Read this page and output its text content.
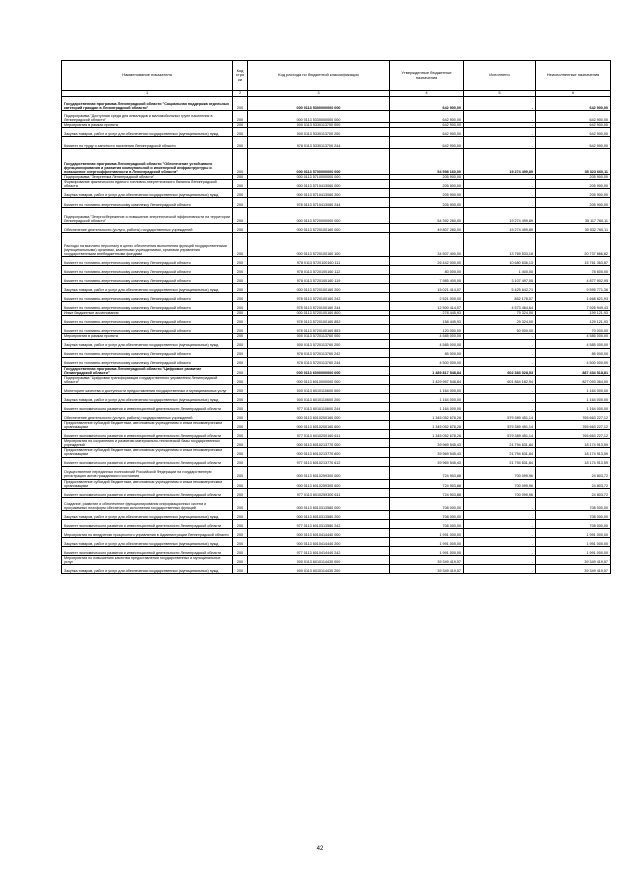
Наименование показателя	Код стро ки	Код расхода по бюджетной классификации	Утвержденные бюджетные назначения	Исполнено	Неисполненные назначения
1	2	3	4	5	6
Государственная программа Ленинградской области "Социальная поддержка отдельных категорий граждан в Ленинградской области"	200	000 0113 5300000000 000	642 900,00	-	642 900,00
Подпрограмма "Доступная среда для инвалидов и маломобильных групп населения в Ленинградской области"	200	000 0113 5330000000 000	642 900,00	-	642 900,00
Мероприятия в рамках проекта	200	000 0113 5330113700 000	642 900,00	-	642 900,00
Закупка товаров, работ и услуг для обеспечения государственных (муниципальных) нужд	200	000 0113 5330113700 200	642 900,00	-	642 900,00
Комитет по труду и занятости населения Ленинградской области	200	978 0113 5330113700 244	642 900,00	-	642 900,00
Государственная программа Ленинградской области "Обеспечение устойчивого функционирования и развития коммунальной и инженерной инфраструктуры и повышение энергоэффективности в Ленинградской области"	200	000 0113 5700000000 000	54 598 160,00	19 274 499,89	35 323 660,11
Подпрограмма "Энергетика Ленинградской области"	200	000 0113 5710000000 000	205 900,00	-	205 900,00
Формирование фактического единого топливно-энергетического баланса Ленинградской области	200	000 0113 5710413060 000	205 900,00	-	205 900,00
Закупка товаров, работ и услуг для обеспечения государственных (муниципальных) нужд	200	000 0113 5710413060 200	205 900,00	-	205 900,00
Комитет по топливно-энергетическому комплексу Ленинградской области	200	978 0113 5710413060 244	205 900,00	-	205 900,00
Подпрограмма "Энергосбережение и повышение энергетической эффективности на территории Ленинградской области"	200	000 0113 5720000000 000	54 392 260,00	19 274 499,89	35 117 760,11
Обеспечение деятельности (услуги, работы) государственных учреждений	200	000 0113 5720100160 000	49 807 260,00	19 274 499,89	30 532 760,11
Расходы на выплаты персоналу в целях обеспечения выполнения функций государственными (муниципальными) органами, казенными учреждениями, органами управления государственными внебюджетными фондами	200	000 0113 5720100160 100	34 507 400,00	13 769 533,18	20 737 866,82
Комитет по топливно-энергетическому комплексу Ленинградской области	200	978 0113 5720100160 111	26 442 000,00	10 680 636,13	15 761 363,87
Комитет по топливно-энергетическому комплексу Ленинградской области	200	978 0113 5720100160 112	80 000,00	1 400,00	78 600,00
Комитет по топливно-энергетическому комплексу Ленинградской области	200	978 0113 5720100160 119	7 985 400,00	3 107 497,05	4 877 902,95
Закупка товаров, работ и услуг для обеспечения государственных (муниципальных) нужд	200	000 0113 5720100160 200	15 021 414,07	5 425 642,71	9 595 771,36
Комитет по топливно-энергетическому комплексу Ленинградской области	200	978 0113 5720100160 242	2 521 000,00	852 178,07	1 668 821,93
Комитет по топливно-энергетическому комплексу Ленинградской области	200	978 0113 5720100160 244	12 500 414,07	4 573 464,64	7 926 949,43
Иные бюджетные ассигнования	200	000 0113 5720100160 800	278 445,93	79 324,00	199 121,93
Комитет по топливно-энергетическому комплексу Ленинградской области	200	978 0113 5720100160 852	158 445,93	29 324,00	129 121,93
Комитет по топливно-энергетическому комплексу Ленинградской области	200	978 0113 5720100160 853	120 000,00	50 000,00	70 000,00
Мероприятия в рамках проекта	200	000 0113 5720113760 000	4 585 000,00	-	4 585 000,00
Закупка товаров, работ и услуг для обеспечения государственных (муниципальных) нужд	200	000 0113 5720113760 200	4 585 000,00	-	4 585 000,00
Комитет по топливно-энергетическому комплексу Ленинградской области	200	978 0113 5720113760 242	85 000,00	-	85 000,00
Комитет по топливно-энергетическому комплексу Ленинградской области	200	978 0113 5720113760 244	4 500 000,00	-	4 500 000,00
Государственная программа Ленинградской области "Цифровое развитие Ленинградской области"	200	000 0113 6000000000 000	1 489 817 548,84	602 383 028,53	887 434 518,81
Подпрограмма "Цифровая трансформация государственного управления Ленинградской области"	200	000 0113 6010000000 000	1 429 957 548,84	601 864 182,94	827 093 364,00
Мониторинг качества и доступности предоставления государственных и муниципальных услуг	200	000 0113 6010110600 000	1 164 000,00	-	1 164 000,00
Закупка товаров, работ и услуг для обеспечения государственных (муниципальных) нужд	200	000 0113 6010110600 200	1 164 000,00	-	1 164 000,00
Комитет экономического развития и инвестиционной деятельности Ленинградской области	200	977 0113 6010110600 244	1 164 000,00	-	1 164 000,00
Обеспечение деятельности (услуги, работы) государственных учреждений	200	000 0113 6010200160 000	1 345 052 678,26	579 389 451,14	765 663 227,12
Предоставление субсидий бюджетным, автономным учреждениям и иным некоммерческим организациям	200	000 0113 6010200160 600	1 345 052 678,26	579 389 451,14	765 663 227,12
Комитет экономического развития и инвестиционной деятельности Ленинградской области	200	977 0113 6010200160 611	1 345 052 678,26	579 389 451,14	765 663 227,12
Мероприятия по сохранению и развитию материально-технической базы государственных учреждений	200	000 0113 6010213770 000	39 969 545,43	21 794 631,84	18 174 913,59
Предоставление субсидий бюджетным, автономным учреждениям и иным некоммерческим организациям	200	000 0113 6010213770 600	39 969 545,43	21 794 631,84	18 174 913,59
Комитет экономического развития и инвестиционной деятельности Ленинградской области	200	977 0113 6010213770 612	39 969 545,43	21 794 631,84	18 174 913,59
Осуществление переданных полномочий Российской Федерации на государственную регистрацию актов гражданского состояния	200	000 0113 6010259300 000	724 903,88	700 099,96	24 803,72
Предоставление субсидий бюджетным, автономным учреждениям и иным некоммерческим организациям	200	000 0113 6010259300 600	724 903,88	700 099,96	24 803,72
Комитет экономического развития и инвестиционной деятельности Ленинградской области	200	977 0113 6010259300 611	724 903,88	700 099,96	24 803,72
Создание, развитие и обеспечение функционирования информационных систем и программных платформ обеспечения исполнения государственных функций	200	000 0113 6010313580 000	708 000,00	-	708 000,00
Закупка товаров, работ и услуг для обеспечения государственных (муниципальных) нужд	200	000 0113 6010313580 200	708 000,00	-	708 000,00
Комитет экономического развития и инвестиционной деятельности Ленинградской области	200	977 0113 6010313580 242	708 000,00	-	708 000,00
Мероприятия по внедрению процессного управления в Администрации Ленинградской области	200	000 0113 6010414440 000	1 991 000,00	-	1 991 000,00
Закупка товаров, работ и услуг для обеспечения государственных (муниципальных) нужд	200	000 0113 6010414440 200	1 991 000,00	-	1 991 000,00
Комитет экономического развития и инвестиционной деятельности Ленинградской области	200	977 0113 6010414440 242	1 991 000,00	-	1 991 000,00
Мероприятия по повышению качества предоставления государственных и муниципальных услуг	200	000 0113 6010114430 000	39 349 419,57	-	39 349 419,57
Закупка товаров, работ и услуг для обеспечения государственных (муниципальных) нужд	200	000 0113 6010114430 200	39 349 419,57	-	39 349 419,57
42
